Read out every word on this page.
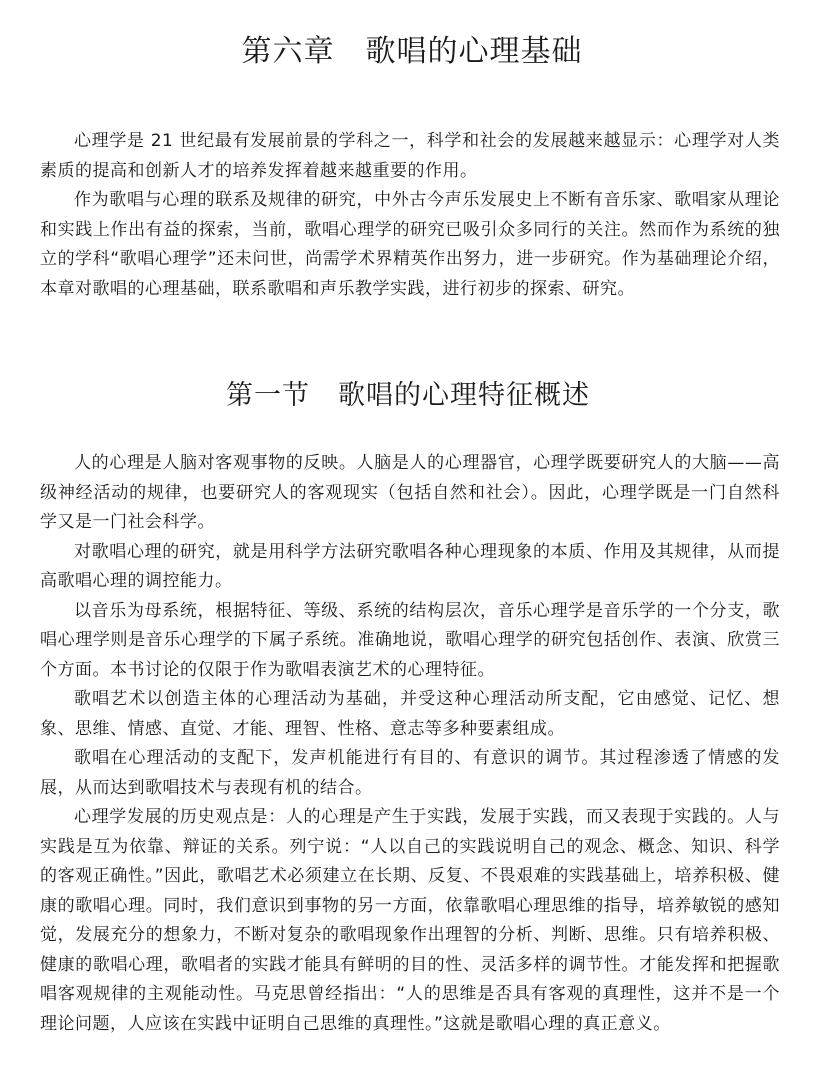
第六章　歌唱的心理基础

心理学是 21 世纪最有发展前景的学科之一，科学和社会的发展越来越显示：心理学对人类素质的提高和创新人才的培养发挥着越来越重要的作用。

作为歌唱与心理的联系及规律的研究，中外古今声乐发展史上不断有音乐家、歌唱家从理论和实践上作出有益的探索，当前，歌唱心理学的研究已吸引众多同行的关注。然而作为系统的独立的学科“歌唱心理学”还未问世，尚需学术界精英作出努力，进一步研究。作为基础理论介绍，本章对歌唱的心理基础，联系歌唱和声乐教学实践，进行初步的探索、研究。

第一节　歌唱的心理特征概述

人的心理是人脑对客观事物的反映。人脑是人的心理器官，心理学既要研究人的大脑——高级神经活动的规律，也要研究人的客观现实（包括自然和社会）。因此，心理学既是一门自然科学又是一门社会科学。

对歌唱心理的研究，就是用科学方法研究歌唱各种心理现象的本质、作用及其规律，从而提高歌唱心理的调控能力。

以音乐为母系统，根据特征、等级、系统的结构层次，音乐心理学是音乐学的一个分支，歌唱心理学则是音乐心理学的下属子系统。准确地说，歌唱心理学的研究包括创作、表演、欣赏三个方面。本书讨论的仅限于作为歌唱表演艺术的心理特征。

歌唱艺术以创造主体的心理活动为基础，并受这种心理活动所支配，它由感觉、记忆、想象、思维、情感、直觉、才能、理智、性格、意志等多种要素组成。

歌唱在心理活动的支配下，发声机能进行有目的、有意识的调节。其过程渗透了情感的发展，从而达到歌唱技术与表现有机的结合。

心理学发展的历史观点是：人的心理是产生于实践，发展于实践，而又表现于实践的。人与实践是互为依靠、辩证的关系。列宁说：“人以自己的实践说明自己的观念、概念、知识、科学的客观正确性。”因此，歌唱艺术必须建立在长期、反复、不畏艰难的实践基础上，培养积极、健康的歌唱心理。同时，我们意识到事物的另一方面，依靠歌唱心理思维的指导，培养敏锐的感知觉，发展充分的想象力，不断对复杂的歌唱现象作出理智的分析、判断、思维。只有培养积极、健康的歌唱心理，歌唱者的实践才能具有鲜明的目的性、灵活多样的调节性。才能发挥和把握歌唱客观规律的主观能动性。马克思曾经指出：“人的思维是否具有客观的真理性，这并不是一个理论问题，人应该在实践中证明自己思维的真理性。”这就是歌唱心理的真正意义。
